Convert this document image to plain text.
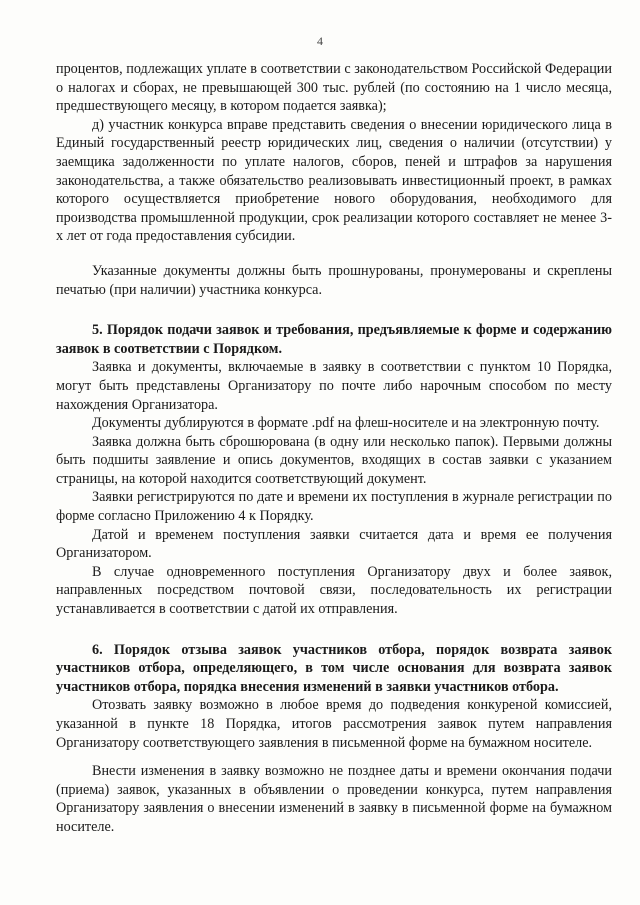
4

процентов, подлежащих уплате в соответствии с законодательством Российской Федерации о налогах и сборах, не превышающей 300 тыс. рублей (по состоянию на 1 число месяца, предшествующего месяцу, в котором подается заявка);

д) участник конкурса вправе представить сведения о внесении юридического лица в Единый государственный реестр юридических лиц, сведения о наличии (отсутствии) у заемщика задолженности по уплате налогов, сборов, пеней и штрафов за нарушения законодательства, а также обязательство реализовывать инвестиционный проект, в рамках которого осуществляется приобретение нового оборудования, необходимого для производства промышленной продукции, срок реализации которого составляет не менее 3-х лет от года предоставления субсидии.

Указанные документы должны быть прошнурованы, пронумерованы и скреплены печатью (при наличии) участника конкурса.

5. Порядок подачи заявок и требования, предъявляемые к форме и содержанию заявок в соответствии с Порядком.

Заявка и документы, включаемые в заявку в соответствии с пунктом 10 Порядка, могут быть представлены Организатору по почте либо нарочным способом по месту нахождения Организатора.

Документы дублируются в формате .pdf на флеш-носителе и на электронную почту.

Заявка должна быть сброшюрована (в одну или несколько папок). Первыми должны быть подшиты заявление и опись документов, входящих в состав заявки с указанием страницы, на которой находится соответствующий документ.

Заявки регистрируются по дате и времени их поступления в журнале регистрации по форме согласно Приложению 4 к Порядку.

Датой и временем поступления заявки считается дата и время ее получения Организатором.

В случае одновременного поступления Организатору двух и более заявок, направленных посредством почтовой связи, последовательность их регистрации устанавливается в соответствии с датой их отправления.

6. Порядок отзыва заявок участников отбора, порядок возврата заявок участников отбора, определяющего, в том числе основания для возврата заявок участников отбора, порядка внесения изменений в заявки участников отбора.

Отозвать заявку возможно в любое время до подведения конкуреной комиссией, указанной в пункте 18 Порядка, итогов рассмотрения заявок путем направления Организатору соответствующего заявления в письменной форме на бумажном носителе.

Внести изменения в заявку возможно не позднее даты и времени окончания подачи (приема) заявок, указанных в объявлении о проведении конкурса, путем направления Организатору заявления о внесении изменений в заявку в письменной форме на бумажном носителе.
